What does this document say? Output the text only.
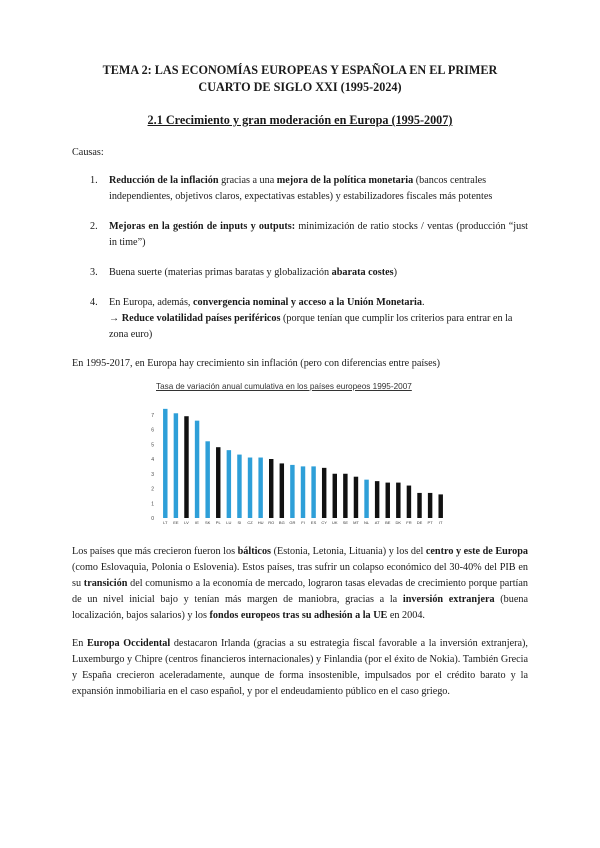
TEMA 2: LAS ECONOMÍAS EUROPEAS Y ESPAÑOLA EN EL PRIMER
CUARTO DE SIGLO XXI (1995-2024)

2.1 Crecimiento y gran moderación en Europa (1995-2007)

Causas:

1. Reducción de la inflación gracias a una mejora de la política monetaria (bancos centrales independientes, objetivos claros, expectativas estables) y estabilizadores fiscales más potentes
2. Mejoras en la gestión de inputs y outputs: minimización de ratio stocks / ventas (producción “just in time”)
3. Buena suerte (materias primas baratas y globalización abarata costes)
4. En Europa, además, convergencia nominal y acceso a la Unión Monetaria.
→ Reduce volatilidad países periféricos (porque tenían que cumplir los criterios para entrar en la zona euro)

En 1995-2017, en Europa hay crecimiento sin inflación (pero con diferencias entre países)

Tasa de variación anual cumulativa en los países europeos 1995-2007
7
6
5
4
3
2
1
0
LT EE LV IE SK PL LU SI CZ HU RO BG GR FI ES CY UK SE MT NL AT BE DK FR DE PT IT

Los países que más crecieron fueron los bálticos (Estonia, Letonia, Lituania) y los del centro y este de Europa (como Eslovaquia, Polonia o Eslovenia). Estos países, tras sufrir un colapso económico del 30-40% del PIB en su transición del comunismo a la economía de mercado, lograron tasas elevadas de crecimiento porque partían de un nivel inicial bajo y tenían más margen de maniobra, gracias a la inversión extranjera (buena localización, bajos salarios) y los fondos europeos tras su adhesión a la UE en 2004.

En Europa Occidental destacaron Irlanda (gracias a su estrategia fiscal favorable a la inversión extranjera), Luxemburgo y Chipre (centros financieros internacionales) y Finlandia (por el éxito de Nokia). También Grecia y España crecieron aceleradamente, aunque de forma insostenible, impulsados por el crédito barato y la expansión inmobiliaria en el caso español, y por el endeudamiento público en el caso griego.
